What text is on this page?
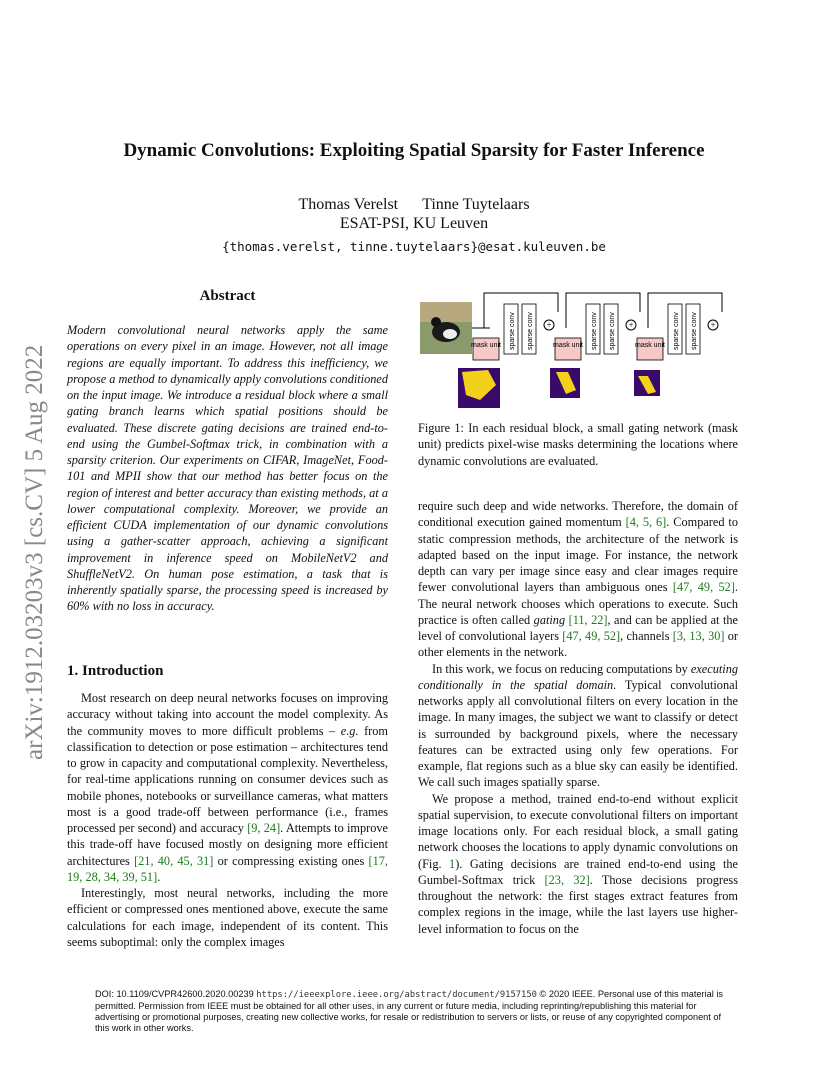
arXiv:1912.03203v3 [cs.CV] 5 Aug 2022
Dynamic Convolutions: Exploiting Spatial Sparsity for Faster Inference
Thomas Verelst Tinne Tuytelaars
ESAT-PSI, KU Leuven
{thomas.verelst, tinne.tuytelaars}@esat.kuleuven.be
Abstract
Modern convolutional neural networks apply the same operations on every pixel in an image. However, not all image regions are equally important. To address this inefficiency, we propose a method to dynamically apply convolutions conditioned on the input image. We introduce a residual block where a small gating branch learns which spatial positions should be evaluated. These discrete gating decisions are trained end-to-end using the Gumbel-Softmax trick, in combination with a sparsity criterion. Our experiments on CIFAR, ImageNet, Food-101 and MPII show that our method has better focus on the region of interest and better accuracy than existing methods, at a lower computational complexity. Moreover, we provide an efficient CUDA implementation of our dynamic convolutions using a gather-scatter approach, achieving a significant improvement in inference speed on MobileNetV2 and ShuffleNetV2. On human pose estimation, a task that is inherently spatially sparse, the processing speed is increased by 60% with no loss in accuracy.
1. Introduction

Most research on deep neural networks focuses on improving accuracy without taking into account the model complexity. As the community moves to more difficult problems – e.g. from classification to detection or pose estimation – architectures tend to grow in capacity and computational complexity. Nevertheless, for real-time applications running on consumer devices such as mobile phones, notebooks or surveillance cameras, what matters most is a good trade-off between performance (i.e., frames processed per second) and accuracy [9, 24]. Attempts to improve this trade-off have focused mostly on designing more efficient architectures [21, 40, 45, 31] or compressing existing ones [17, 19, 28, 34, 39, 51].

Interestingly, most neural networks, including the more efficient or compressed ones mentioned above, execute the same calculations for each image, independent of its content. This seems suboptimal: only the complex images

mask unit sparse conv sparse conv +
mask unit sparse conv sparse conv +
mask unit sparse conv sparse conv +
Figure 1: In each residual block, a small gating network (mask unit) predicts pixel-wise masks determining the locations where dynamic convolutions are evaluated.

require such deep and wide networks. Therefore, the domain of conditional execution gained momentum [4, 5, 6]. Compared to static compression methods, the architecture of the network is adapted based on the input image. For instance, the network depth can vary per image since easy and clear images require fewer convolutional layers than ambiguous ones [47, 49, 52]. The neural network chooses which operations to execute. Such practice is often called gating [11, 22], and can be applied at the level of convolutional layers [47, 49, 52], channels [3, 13, 30] or other elements in the network.

In this work, we focus on reducing computations by executing conditionally in the spatial domain. Typical convolutional networks apply all convolutional filters on every location in the image. In many images, the subject we want to classify or detect is surrounded by background pixels, where the necessary features can be extracted using only few operations. For example, flat regions such as a blue sky can easily be identified. We call such images spatially sparse.

We propose a method, trained end-to-end without explicit spatial supervision, to execute convolutional filters on important image locations only. For each residual block, a small gating network chooses the locations to apply dynamic convolutions on (Fig. 1). Gating decisions are trained end-to-end using the Gumbel-Softmax trick [23, 32]. Those decisions progress throughout the network: the first stages extract features from complex regions in the image, while the last layers use higher-level information to focus on the

DOI: 10.1109/CVPR42600.2020.00239 https://ieeexplore.ieee.org/abstract/document/9157150 © 2020 IEEE. Personal use of this material is permitted. Permission from IEEE must be obtained for all other uses, in any current or future media, including reprinting/republishing this material for advertising or promotional purposes, creating new collective works, for resale or redistribution to servers or lists, or reuse of any copyrighted component of this work in other works.
